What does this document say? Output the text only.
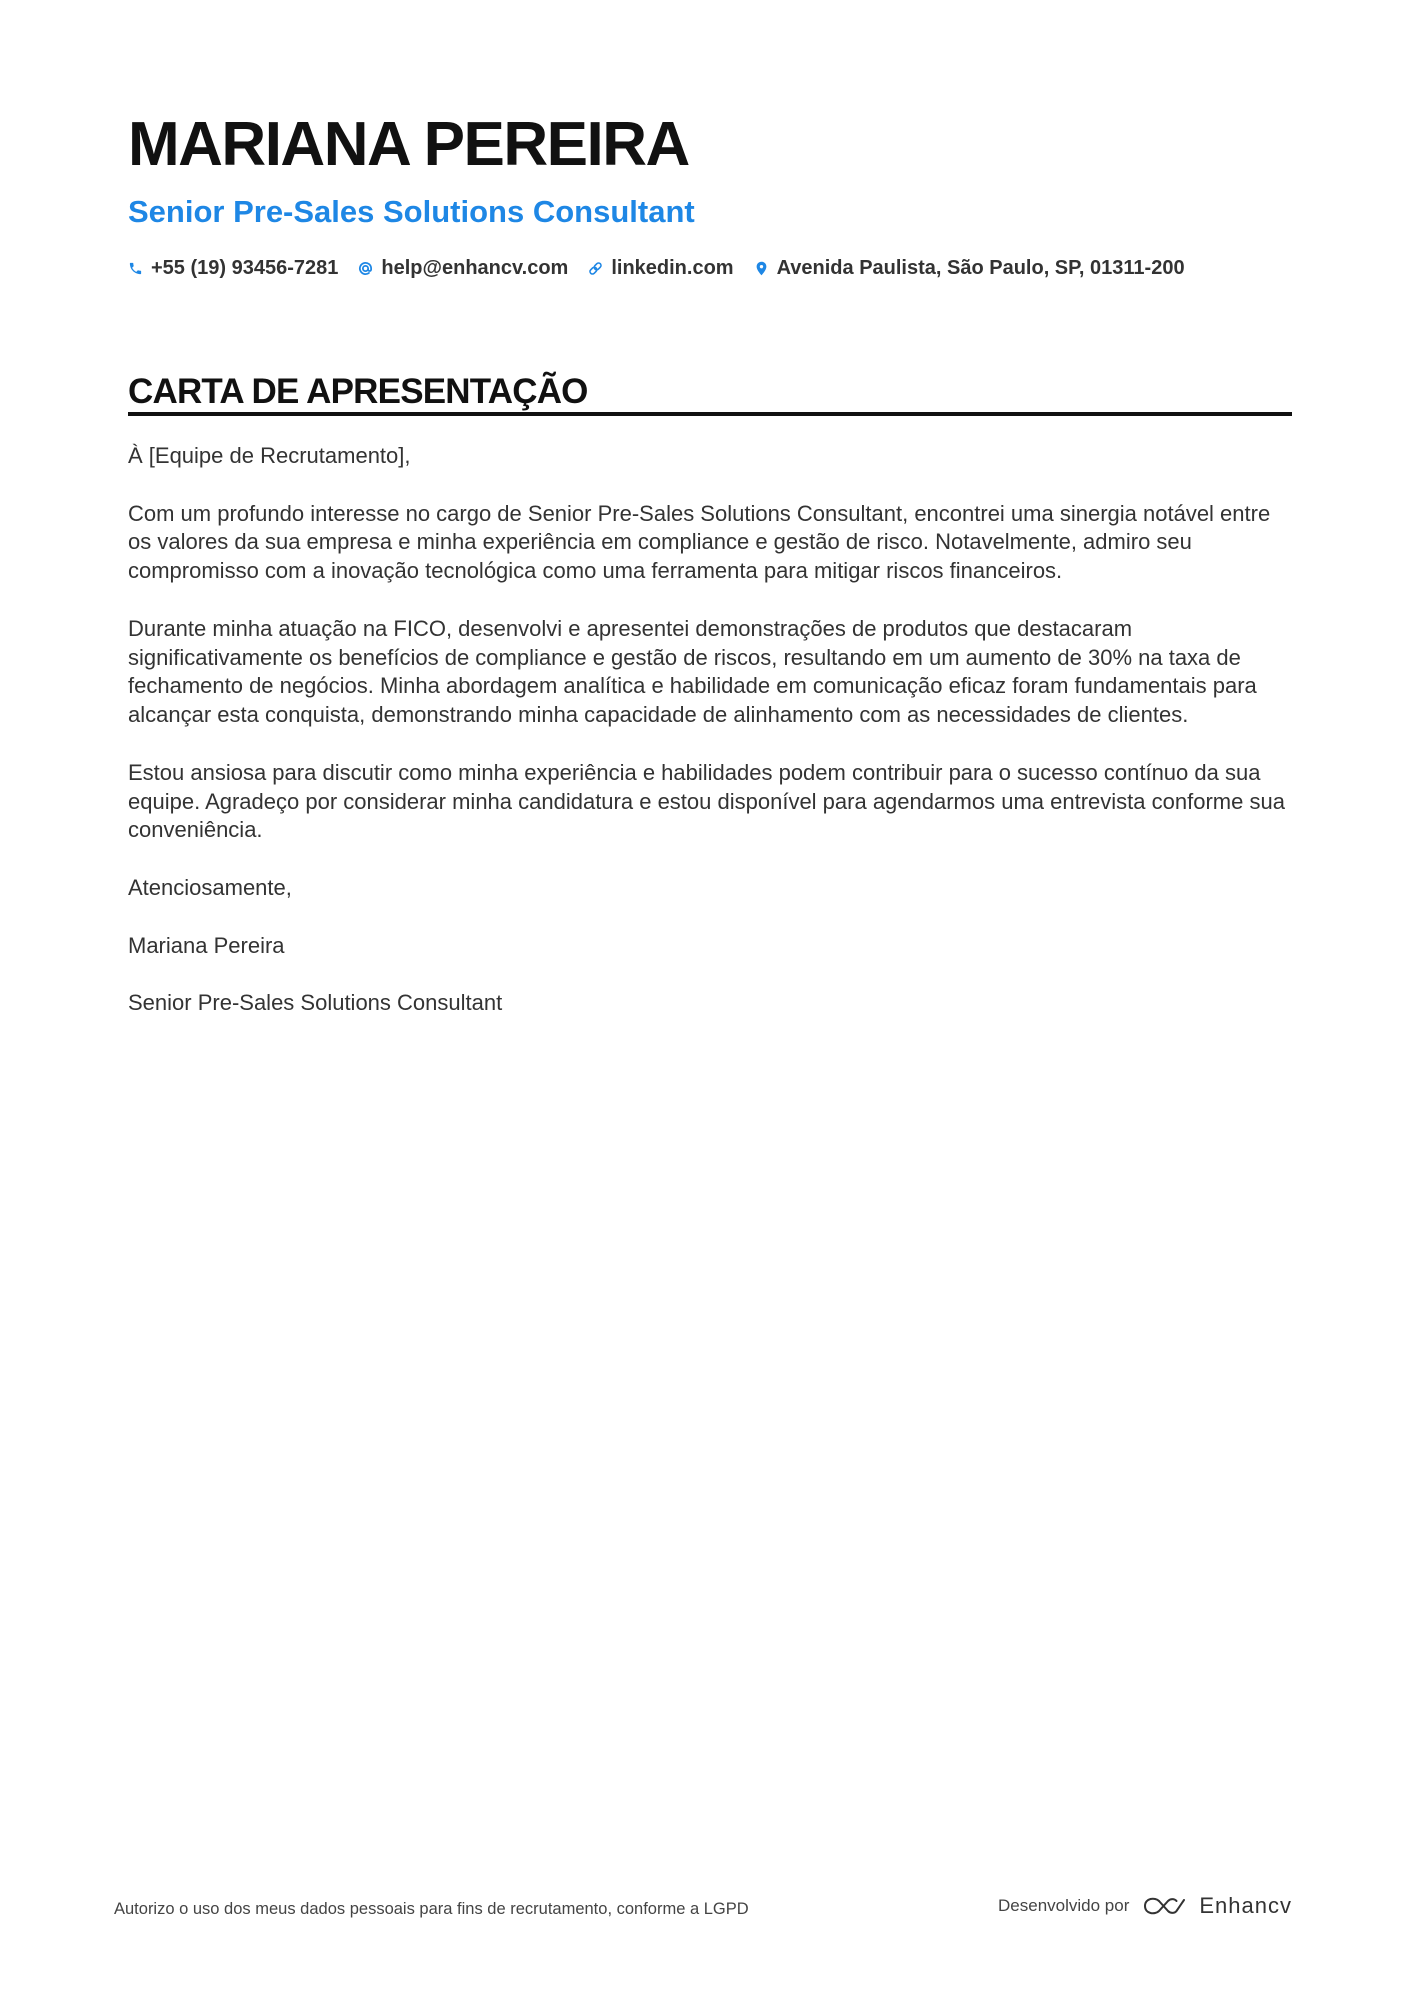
MARIANA PEREIRA
Senior Pre-Sales Solutions Consultant
+55 (19) 93456-7281 help@enhancv.com linkedin.com Avenida Paulista, São Paulo, SP, 01311-200
CARTA DE APRESENTAÇÃO

À [Equipe de Recrutamento],

Com um profundo interesse no cargo de Senior Pre-Sales Solutions Consultant, encontrei uma sinergia notável entre os valores da sua empresa e minha experiência em compliance e gestão de risco. Notavelmente, admiro seu compromisso com a inovação tecnológica como uma ferramenta para mitigar riscos financeiros.

Durante minha atuação na FICO, desenvolvi e apresentei demonstrações de produtos que destacaram significativamente os benefícios de compliance e gestão de riscos, resultando em um aumento de 30% na taxa de fechamento de negócios. Minha abordagem analítica e habilidade em comunicação eficaz foram fundamentais para alcançar esta conquista, demonstrando minha capacidade de alinhamento com as necessidades de clientes.

Estou ansiosa para discutir como minha experiência e habilidades podem contribuir para o sucesso contínuo da sua equipe. Agradeço por considerar minha candidatura e estou disponível para agendarmos uma entrevista conforme sua conveniência.

Atenciosamente,

Mariana Pereira

Senior Pre-Sales Solutions Consultant

Autorizo o uso dos meus dados pessoais para fins de recrutamento, conforme a LGPD	Desenvolvido por	Enhancv
